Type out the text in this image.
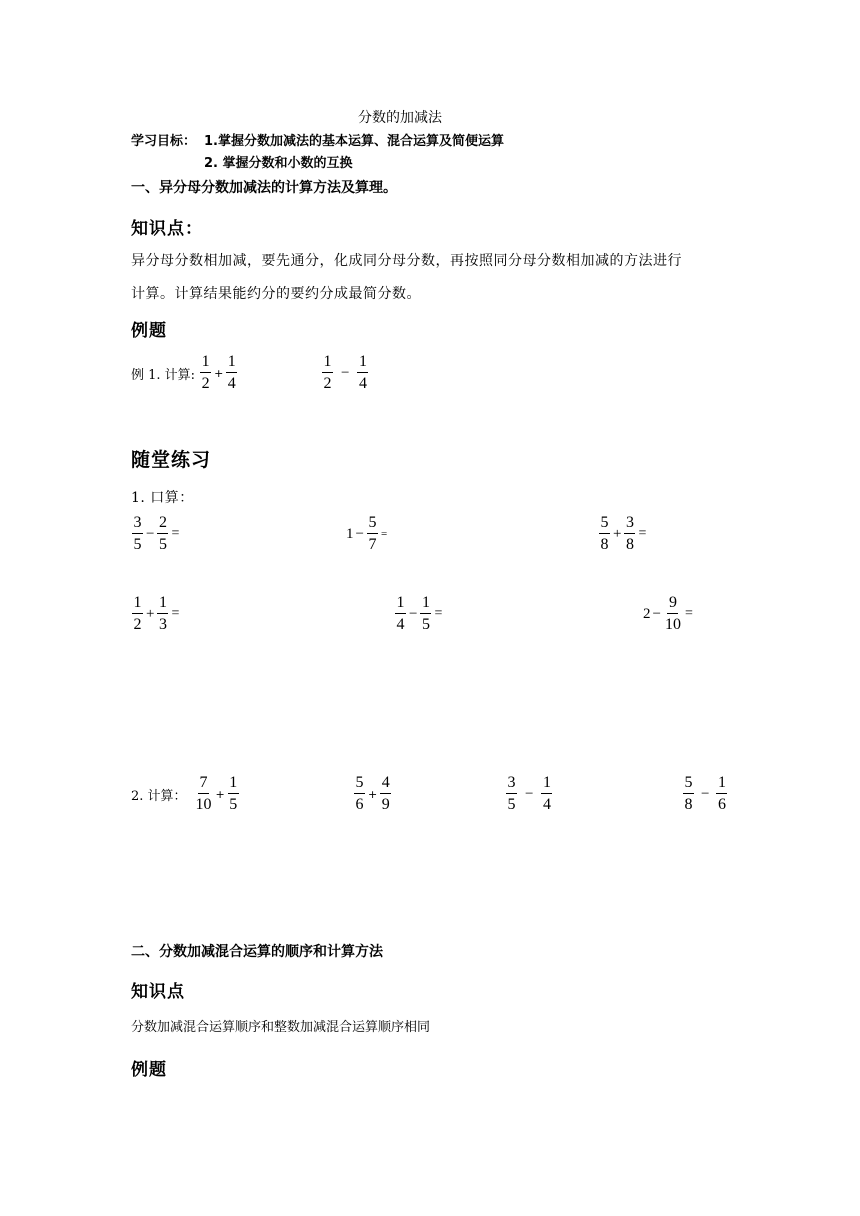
分数的加减法
学习目标： 1.掌握分数加减法的基本运算、混合运算及简便运算
2. 掌握分数和小数的互换
一、异分母分数加减法的计算方法及算理。
知识点：
异分母分数相加减，要先通分，化成同分母分数，再按照同分母分数相加减的方法进行
计算。计算结果能约分的要约分成最简分数。
例题
例 1. 计算: $\frac{1}{2} + \frac{1}{4}$	$\frac{1}{2} - \frac{1}{4}$
随堂练习
1. 口算：
$\frac{3}{5} - \frac{2}{5}$ =	$1 - \frac{5}{7}$ =	$\frac{5}{8} + \frac{3}{8}$ =
$\frac{1}{2} + \frac{1}{3}$ =	$\frac{1}{4} - \frac{1}{5}$ =	$2 - \frac{9}{10}$ =
2. 计算： $\frac{7}{10} + \frac{1}{5}$	$\frac{5}{6} + \frac{4}{9}$	$\frac{3}{5} - \frac{1}{4}$	$\frac{5}{8} - \frac{1}{6}$
二、分数加减混合运算的顺序和计算方法
知识点
分数加减混合运算顺序和整数加减混合运算顺序相同
例题
